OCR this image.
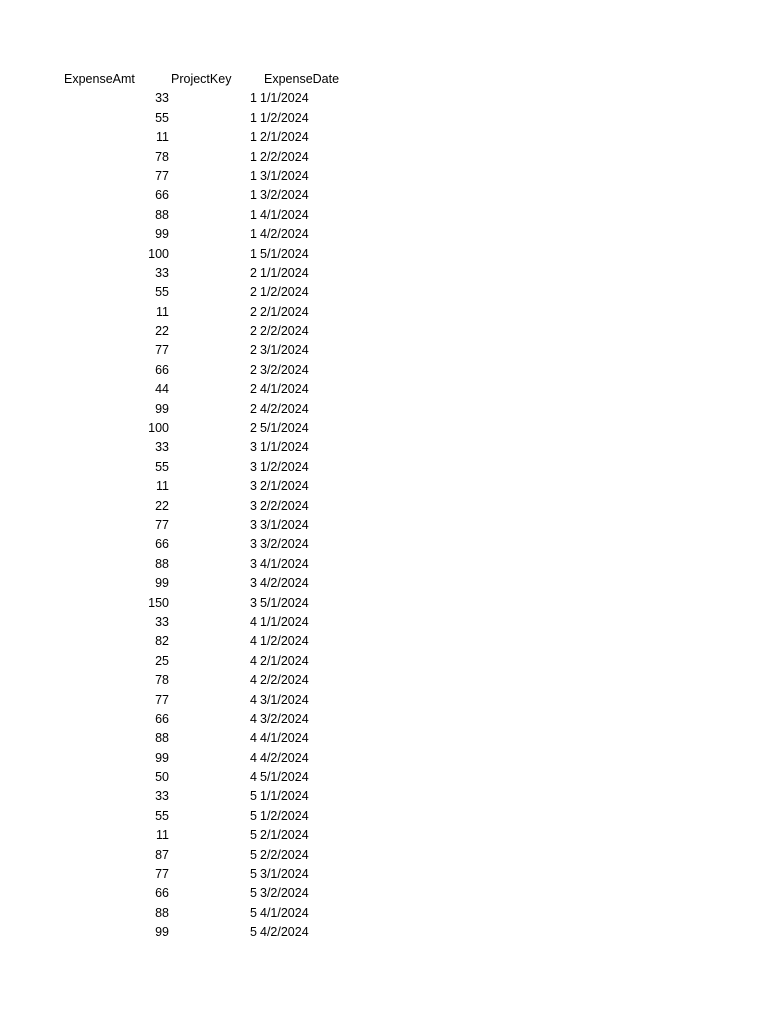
ExpenseAmt	ProjectKey	ExpenseDate
33	1 1/1/2024
55	1 1/2/2024
11	1 2/1/2024
78	1 2/2/2024
77	1 3/1/2024
66	1 3/2/2024
88	1 4/1/2024
99	1 4/2/2024
100	1 5/1/2024
33	2 1/1/2024
55	2 1/2/2024
11	2 2/1/2024
22	2 2/2/2024
77	2 3/1/2024
66	2 3/2/2024
44	2 4/1/2024
99	2 4/2/2024
100	2 5/1/2024
33	3 1/1/2024
55	3 1/2/2024
11	3 2/1/2024
22	3 2/2/2024
77	3 3/1/2024
66	3 3/2/2024
88	3 4/1/2024
99	3 4/2/2024
150	3 5/1/2024
33	4 1/1/2024
82	4 1/2/2024
25	4 2/1/2024
78	4 2/2/2024
77	4 3/1/2024
66	4 3/2/2024
88	4 4/1/2024
99	4 4/2/2024
50	4 5/1/2024
33	5 1/1/2024
55	5 1/2/2024
11	5 2/1/2024
87	5 2/2/2024
77	5 3/1/2024
66	5 3/2/2024
88	5 4/1/2024
99	5 4/2/2024
